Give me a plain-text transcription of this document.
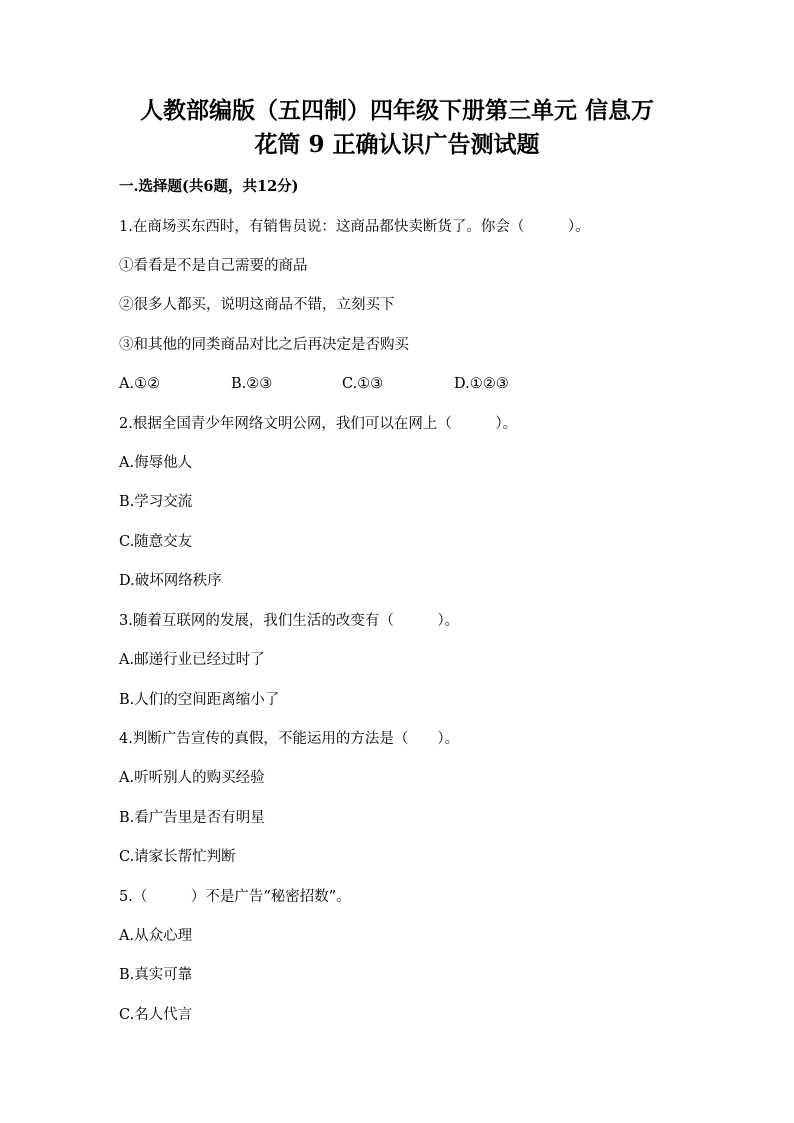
人教部编版（五四制）四年级下册第三单元 信息万
花筒 9 正确认识广告测试题
一.选择题(共6题，共12分)
1.在商场买东西时，有销售员说：这商品都快卖断货了。你会（　　　）。
①看看是不是自己需要的商品
②很多人都买，说明这商品不错，立刻买下
③和其他的同类商品对比之后再决定是否购买
A.①②	B.②③	C.①③	D.①②③
2.根据全国青少年网络文明公网，我们可以在网上（　　　）。
A.侮辱他人
B.学习交流
C.随意交友
D.破坏网络秩序
3.随着互联网的发展，我们生活的改变有（　　　）。
A.邮递行业已经过时了
B.人们的空间距离缩小了
4.判断广告宣传的真假，不能运用的方法是（　　）。
A.听听别人的购买经验
B.看广告里是否有明星
C.请家长帮忙判断
5.（　　　）不是广告“秘密招数”。
A.从众心理
B.真实可靠
C.名人代言
